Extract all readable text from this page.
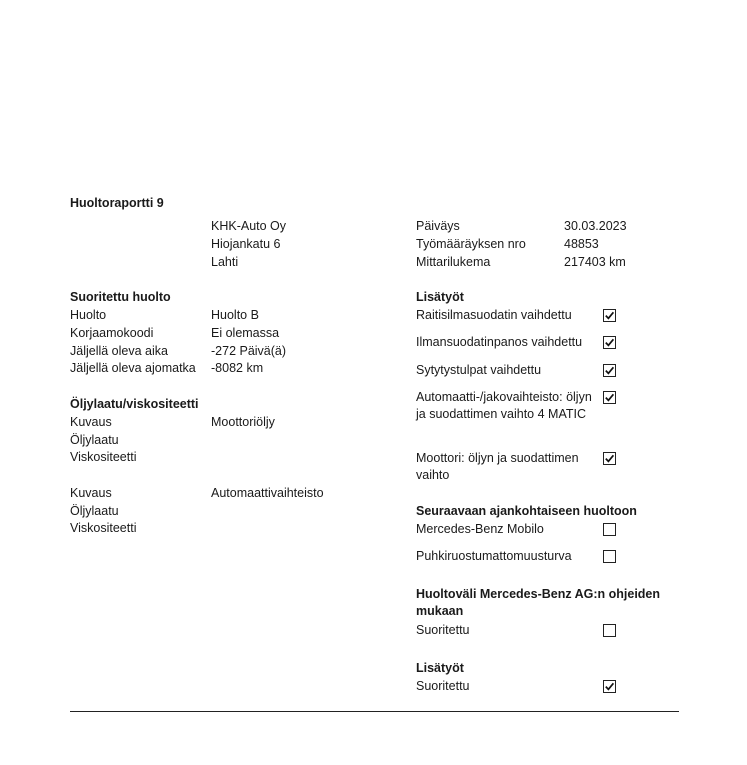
Huoltoraportti 9
KHK-Auto Oy
Hiojankatu 6
Lahti
Päiväys	30.03.2023
Työmääräyksen nro	48853
Mittarilukema	217403 km
Suoritettu huolto
Huolto	Huolto B
Korjaamokoodi	Ei olemassa
Jäljellä oleva aika	-272 Päivä(ä)
Jäljellä oleva ajomatka -8082 km
Öljylaatu/viskositeetti
Kuvaus	Moottoriöljy
Öljylaatu
Viskositeetti
Kuvaus	Automaattivaihteisto
Öljylaatu
Viskositeetti
Lisätyöt
Raitisilmasuodatin vaihdettu
Ilmansuodatinpanos vaihdettu
Sytytystulpat vaihdettu
Automaatti-/jakovaihteisto: öljyn ja suodattimen vaihto 4 MATIC
Moottori: öljyn ja suodattimen vaihto
Seuraavaan ajankohtaiseen huoltoon
Mercedes-Benz Mobilo
Puhkiruostumattomuusturva
Huoltoväli Mercedes-Benz AG:n ohjeiden mukaan
Suoritettu
Lisätyöt
Suoritettu
